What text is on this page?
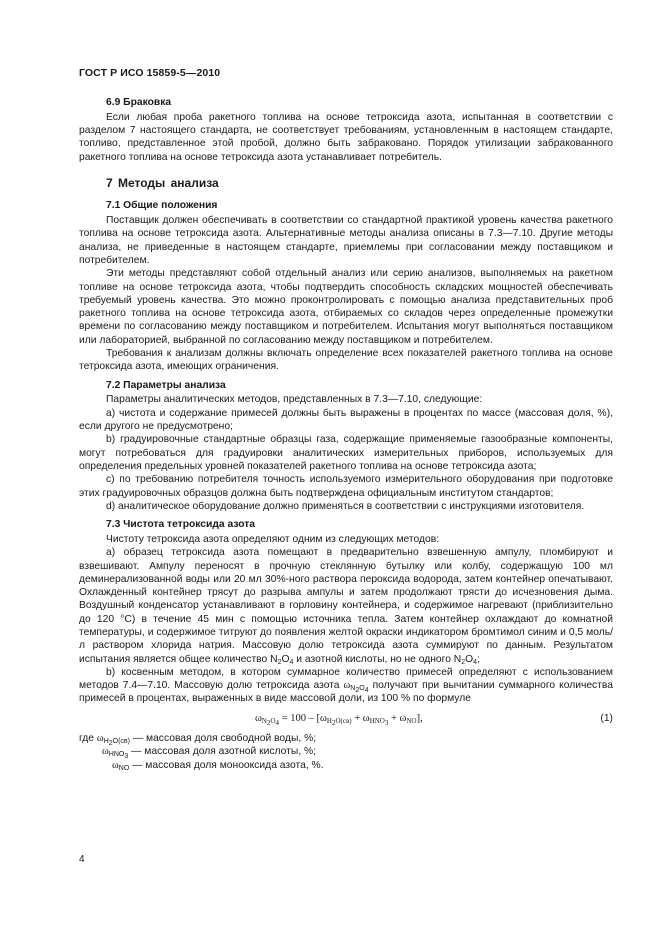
ГОСТ Р ИСО 15859-5—2010
6.9 Браковка

Если любая проба ракетного топлива на основе тетроксида азота, испытанная в соответствии с разделом 7 настоящего стандарта, не соответствует требованиям, установленным в настоящем стандарте, топливо, представленное этой пробой, должно быть забраковано. Порядок утилизации забракованного ракетного топлива на основе тетроксида азота устанавливает потребитель.

7 Методы анализа
7.1 Общие положения

Поставщик должен обеспечивать в соответствии со стандартной практикой уровень качества ракетного топлива на основе тетроксида азота. Альтернативные методы анализа описаны в 7.3—7.10. Другие методы анализа, не приведенные в настоящем стандарте, приемлемы при согласовании между поставщиком и потребителем.

Эти методы представляют собой отдельный анализ или серию анализов, выполняемых на ракетном топливе на основе тетроксида азота, чтобы подтвердить способность складских мощностей обеспечивать требуемый уровень качества. Это можно проконтролировать с помощью анализа представительных проб ракетного топлива на основе тетроксида азота, отбираемых со складов через определенные промежутки времени по согласованию между поставщиком и потребителем. Испытания могут выполняться поставщиком или лабораторией, выбранной по согласованию между поставщиком и потребителем.

Требования к анализам должны включать определение всех показателей ракетного топлива на основе тетроксида азота, имеющих ограничения.

7.2 Параметры анализа

Параметры аналитических методов, представленных в 7.3—7.10, следующие:

a) чистота и содержание примесей должны быть выражены в процентах по массе (массовая доля, %), если другого не предусмотрено;

b) градуировочные стандартные образцы газа, содержащие применяемые газообразные компоненты, могут потребоваться для градуировки аналитических измерительных приборов, используемых для определения предельных уровней показателей ракетного топлива на основе тетроксида азота;

c) по требованию потребителя точность используемого измерительного оборудования при подготовке этих градуировочных образцов должна быть подтверждена официальным институтом стандартов;

d) аналитическое оборудование должно применяться в соответствии с инструкциями изготовителя.

7.3 Чистота тетроксида азота

Чистоту тетроксида азота определяют одним из следующих методов:

a) образец тетроксида азота помещают в предварительно взвешенную ампулу, пломбируют и взвешивают. Ампулу переносят в прочную стеклянную бутылку или колбу, содержащую 100 мл деминерализованной воды или 20 мл 30%-ного раствора пероксида водорода, затем контейнер опечатывают. Охлажденный контейнер трясут до разрыва ампулы и затем продолжают трясти до исчезновения дыма. Воздушный конденсатор устанавливают в горловину контейнера, и содержимое нагревают (приблизительно до 120 °C) в течение 45 мин с помощью источника тепла. Затем контейнер охлаждают до комнатной температуры, и содержимое титруют до появления желтой окраски индикатором бромтимол синим и 0,5 моль/л раствором хлорида натрия. Массовую долю тетроксида азота суммируют по данным. Результатом испытания является общее количество $N_2O_4$ и азотной кислоты, но не одного $N_2O_4$;

b) косвенным методом, в котором суммарное количество примесей определяют с использованием методов 7.4—7.10. Массовую долю тетроксида азота $\omega_{N_2O_4}$ получают при вычитании суммарного количества примесей в процентах, выраженных в виде массовой доли, из 100 % по формуле

$\omega_{N_2O_4} = 100 - [\omega_{H_2O(св)} + \omega_{HNO_3} + \omega_{NO}]$,	(1)

где $\omega_{H_2O(св)}$ — массовая доля свободной воды, %;

$\omega_{HNO_3}$ — массовая доля азотной кислоты, %;

$\omega_{NO}$ — массовая доля монооксида азота, %.

4
